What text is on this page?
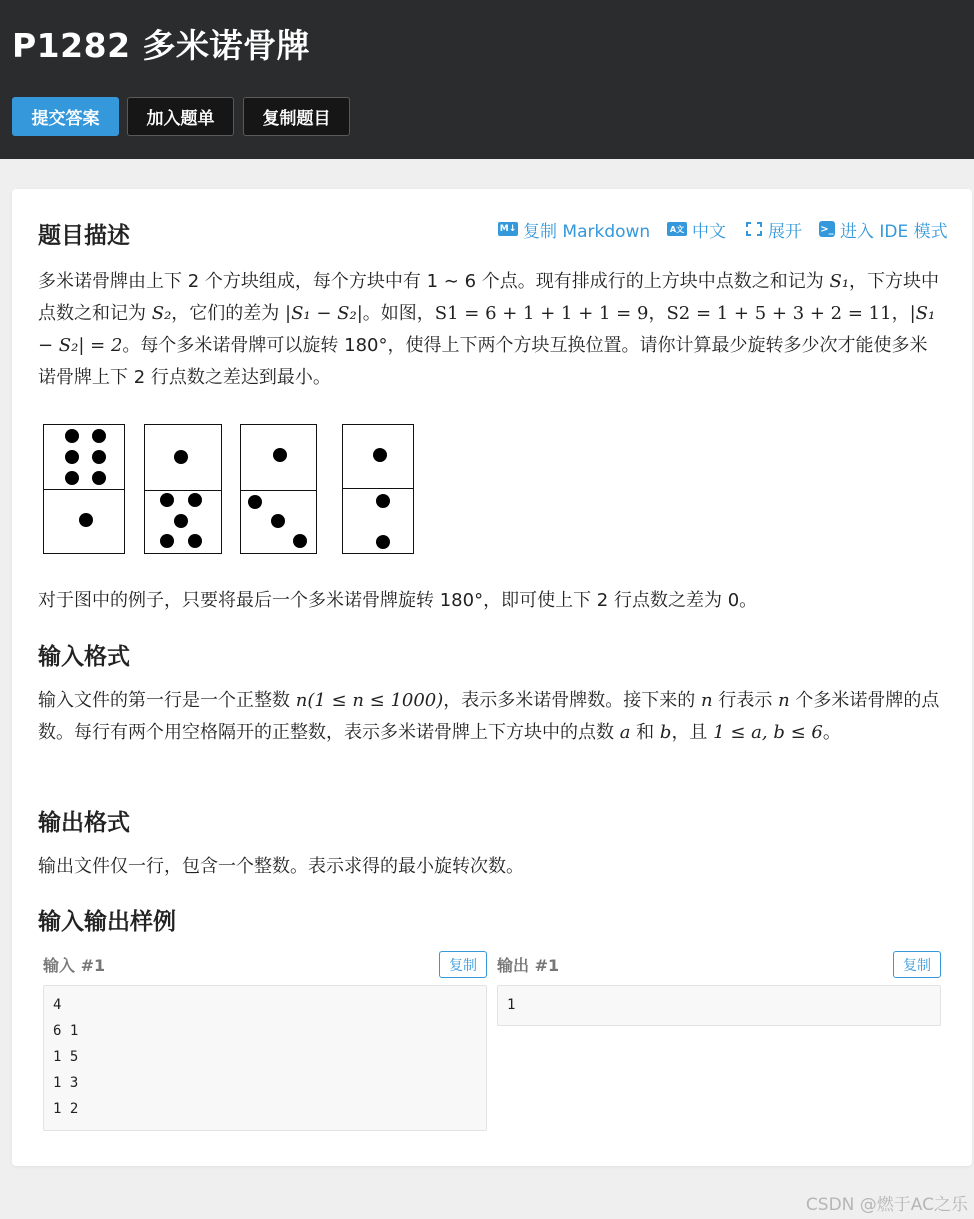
P1282 多米诺骨牌
提交答案	加入题单	复制题目
M↓ 复制 Markdown	A文 中文 展开 >_ 进入 IDE 模式
题目描述
多米诺骨牌由上下 2 个方块组成，每个方块中有 1 ∼ 6 个点。现有排成行的上方块中点数之和记为 S₁，下方块中点数之和记为 S₂，它们的差为 |S₁ − S₂|。如图，S1 = 6 + 1 + 1 + 1 = 9，S2 = 1 + 5 + 3 + 2 = 11，|S₁ − S₂| = 2。每个多米诺骨牌可以旋转 180°，使得上下两个方块互换位置。请你计算最少旋转多少次才能使多米诺骨牌上下 2 行点数之差达到最小。
对于图中的例子，只要将最后一个多米诺骨牌旋转 180°，即可使上下 2 行点数之差为 0。
输入格式
输入文件的第一行是一个正整数 n(1 ≤ n ≤ 1000)，表示多米诺骨牌数。接下来的 n 行表示 n 个多米诺骨牌的点数。每行有两个用空格隔开的正整数，表示多米诺骨牌上下方块中的点数 a 和 b，且 1 ≤ a, b ≤ 6。
输出格式
输出文件仅一行，包含一个整数。表示求得的最小旋转次数。
输入输出样例
输入 #1	复制
4
6 1
1 5
1 3
1 2
输出 #1	复制
1
CSDN @燃于AC之乐
